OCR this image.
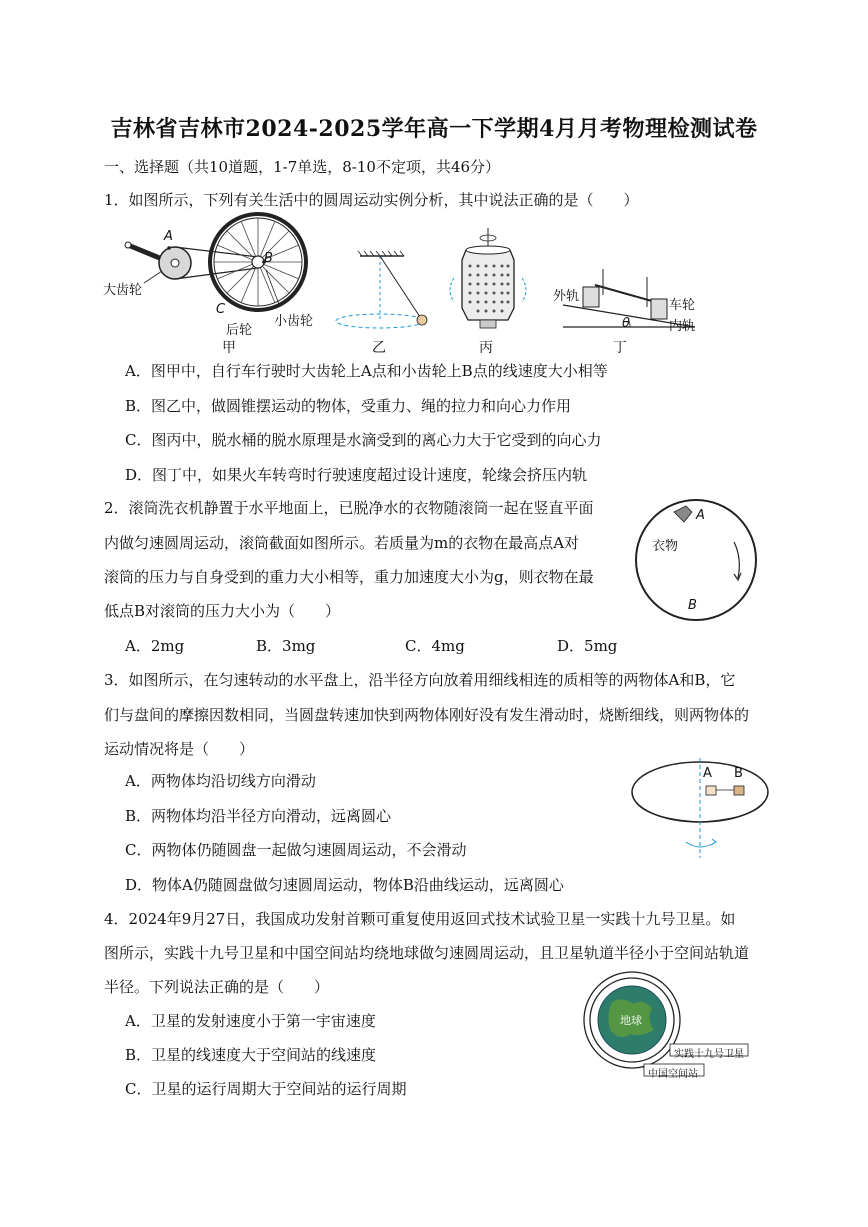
吉林省吉林市2024-2025学年高一下学期4月月考物理检测试卷
一、选择题（共10道题，1-7单选，8-10不定项，共46分）
1．如图所示，下列有关生活中的圆周运动实例分析，其中说法正确的是（　　）
A
B
C
大齿轮
后轮
小齿轮
甲	乙	丙
外轨
车轮
内轨
θ
丁
A．图甲中，自行车行驶时大齿轮上A点和小齿轮上B点的线速度大小相等
B．图乙中，做圆锥摆运动的物体，受重力、绳的拉力和向心力作用
C．图丙中，脱水桶的脱水原理是水滴受到的离心力大于它受到的向心力
D．图丁中，如果火车转弯时行驶速度超过设计速度，轮缘会挤压内轨
2．滚筒洗衣机静置于水平地面上，已脱净水的衣物随滚筒一起在竖直平面
内做匀速圆周运动，滚筒截面如图所示。若质量为m的衣物在最高点A对
滚筒的压力与自身受到的重力大小相等，重力加速度大小为g，则衣物在最
低点B对滚筒的压力大小为（　　）
A
衣物
B
A．2mg	B．3mg	C．4mg	D．5mg
3．如图所示，在匀速转动的水平盘上，沿半径方向放着用细线相连的质相等的两物体A和B，它
们与盘间的摩擦因数相同，当圆盘转速加快到两物体刚好没有发生滑动时，烧断细线，则两物体的
运动情况将是（　　）
A B
A．两物体均沿切线方向滑动
B．两物体均沿半径方向滑动，远离圆心
C．两物体仍随圆盘一起做匀速圆周运动，不会滑动
D．物体A仍随圆盘做匀速圆周运动，物体B沿曲线运动，远离圆心
4．2024年9月27日，我国成功发射首颗可重复使用返回式技术试验卫星一实践十九号卫星。如
图所示，实践十九号卫星和中国空间站均绕地球做匀速圆周运动，且卫星轨道半径小于空间站轨道
半径。下列说法正确的是（　　）
地球
实践十九号卫星
中国空间站
A．卫星的发射速度小于第一宇宙速度
B．卫星的线速度大于空间站的线速度
C．卫星的运行周期大于空间站的运行周期
